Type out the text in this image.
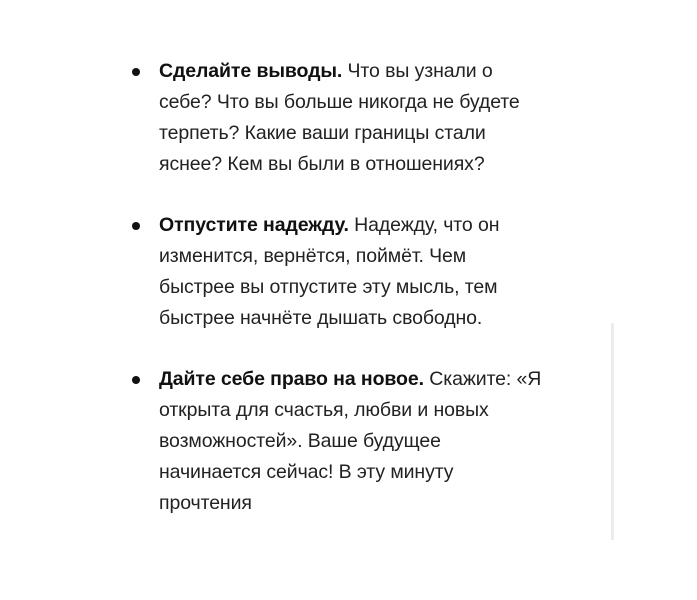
Сделайте выводы. Что вы узнали о
себе? Что вы больше никогда не будете
терпеть? Какие ваши границы стали
яснее? Кем вы были в отношениях?
Отпустите надежду. Надежду, что он
изменится, вернётся, поймёт. Чем
быстрее вы отпустите эту мысль, тем
быстрее начнёте дышать свободно.
Дайте себе право на новое. Скажите: «Я
открыта для счастья, любви и новых
возможностей». Ваше будущее
начинается сейчас! В эту минуту
прочтения
